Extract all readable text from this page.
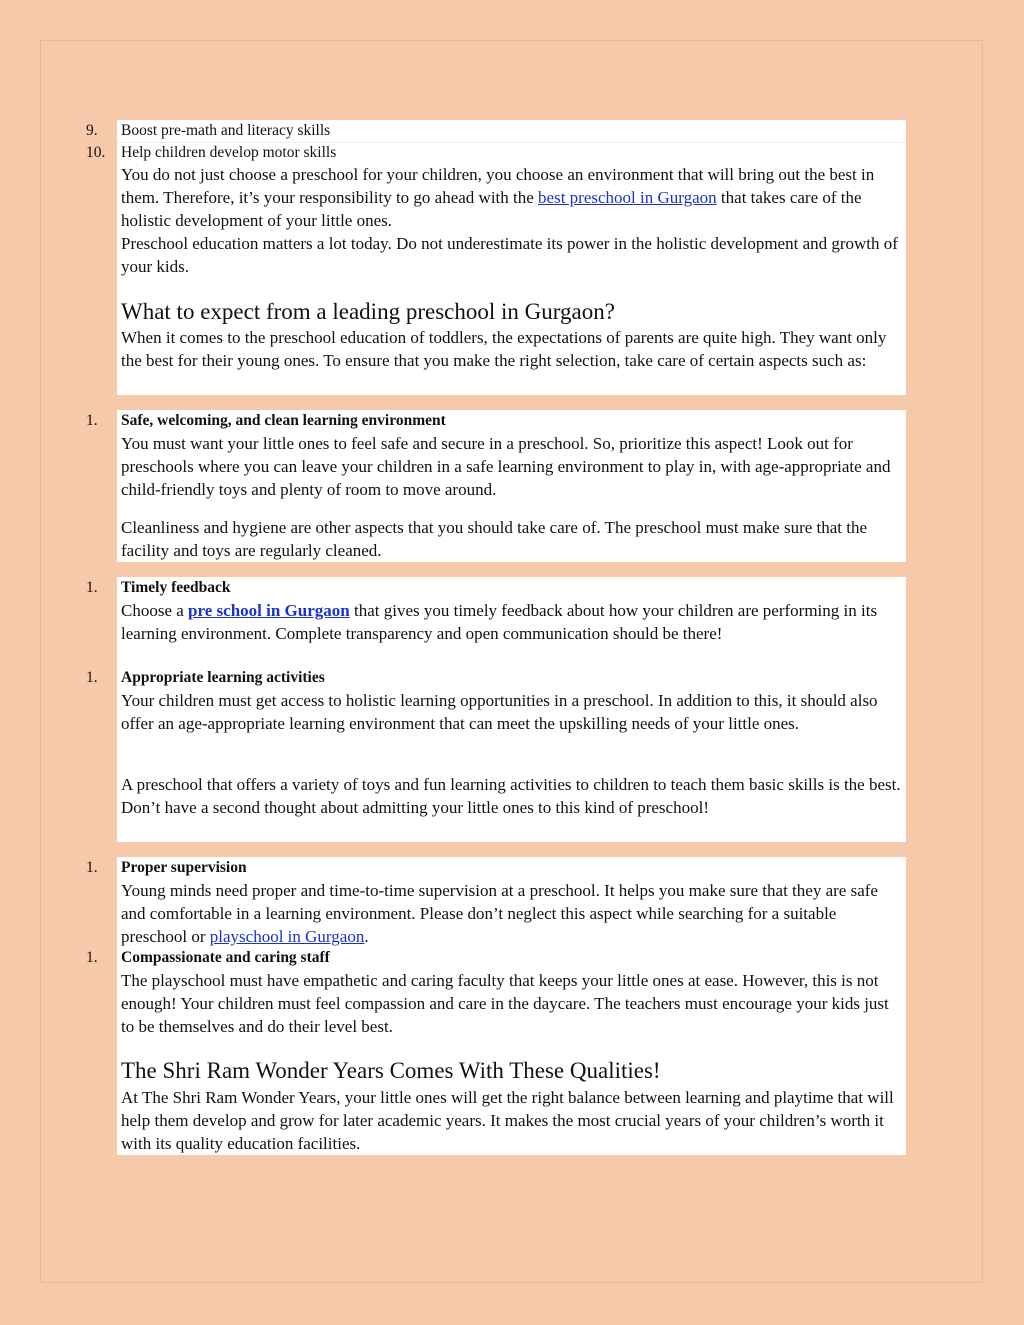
9.	Boost pre-math and literacy skills
10.	Help children develop motor skills
You do not just choose a preschool for your children, you choose an environment that will bring out the best in them. Therefore, it’s your responsibility to go ahead with the best preschool in Gurgaon that takes care of the holistic development of your little ones.
Preschool education matters a lot today. Do not underestimate its power in the holistic development and growth of your kids.
What to expect from a leading preschool in Gurgaon?
When it comes to the preschool education of toddlers, the expectations of parents are quite high. They want only the best for their young ones. To ensure that you make the right selection, take care of certain aspects such as:
1.	Safe, welcoming, and clean learning environment
You must want your little ones to feel safe and secure in a preschool. So, prioritize this aspect! Look out for preschools where you can leave your children in a safe learning environment to play in, with age-appropriate and child-friendly toys and plenty of room to move around.
Cleanliness and hygiene are other aspects that you should take care of. The preschool must make sure that the facility and toys are regularly cleaned.
1.	Timely feedback
Choose a pre school in Gurgaon that gives you timely feedback about how your children are performing in its learning environment. Complete transparency and open communication should be there!
1.	Appropriate learning activities
Your children must get access to holistic learning opportunities in a preschool. In addition to this, it should also offer an age-appropriate learning environment that can meet the upskilling needs of your little ones.
A preschool that offers a variety of toys and fun learning activities to children to teach them basic skills is the best. Don’t have a second thought about admitting your little ones to this kind of preschool!
1.	Proper supervision
Young minds need proper and time-to-time supervision at a preschool. It helps you make sure that they are safe and comfortable in a learning environment. Please don’t neglect this aspect while searching for a suitable preschool or playschool in Gurgaon.
1.	Compassionate and caring staff
The playschool must have empathetic and caring faculty that keeps your little ones at ease. However, this is not enough! Your children must feel compassion and care in the daycare. The teachers must encourage your kids just to be themselves and do their level best.
The Shri Ram Wonder Years Comes With These Qualities!
At The Shri Ram Wonder Years, your little ones will get the right balance between learning and playtime that will help them develop and grow for later academic years. It makes the most crucial years of your children’s worth it with its quality education facilities.
